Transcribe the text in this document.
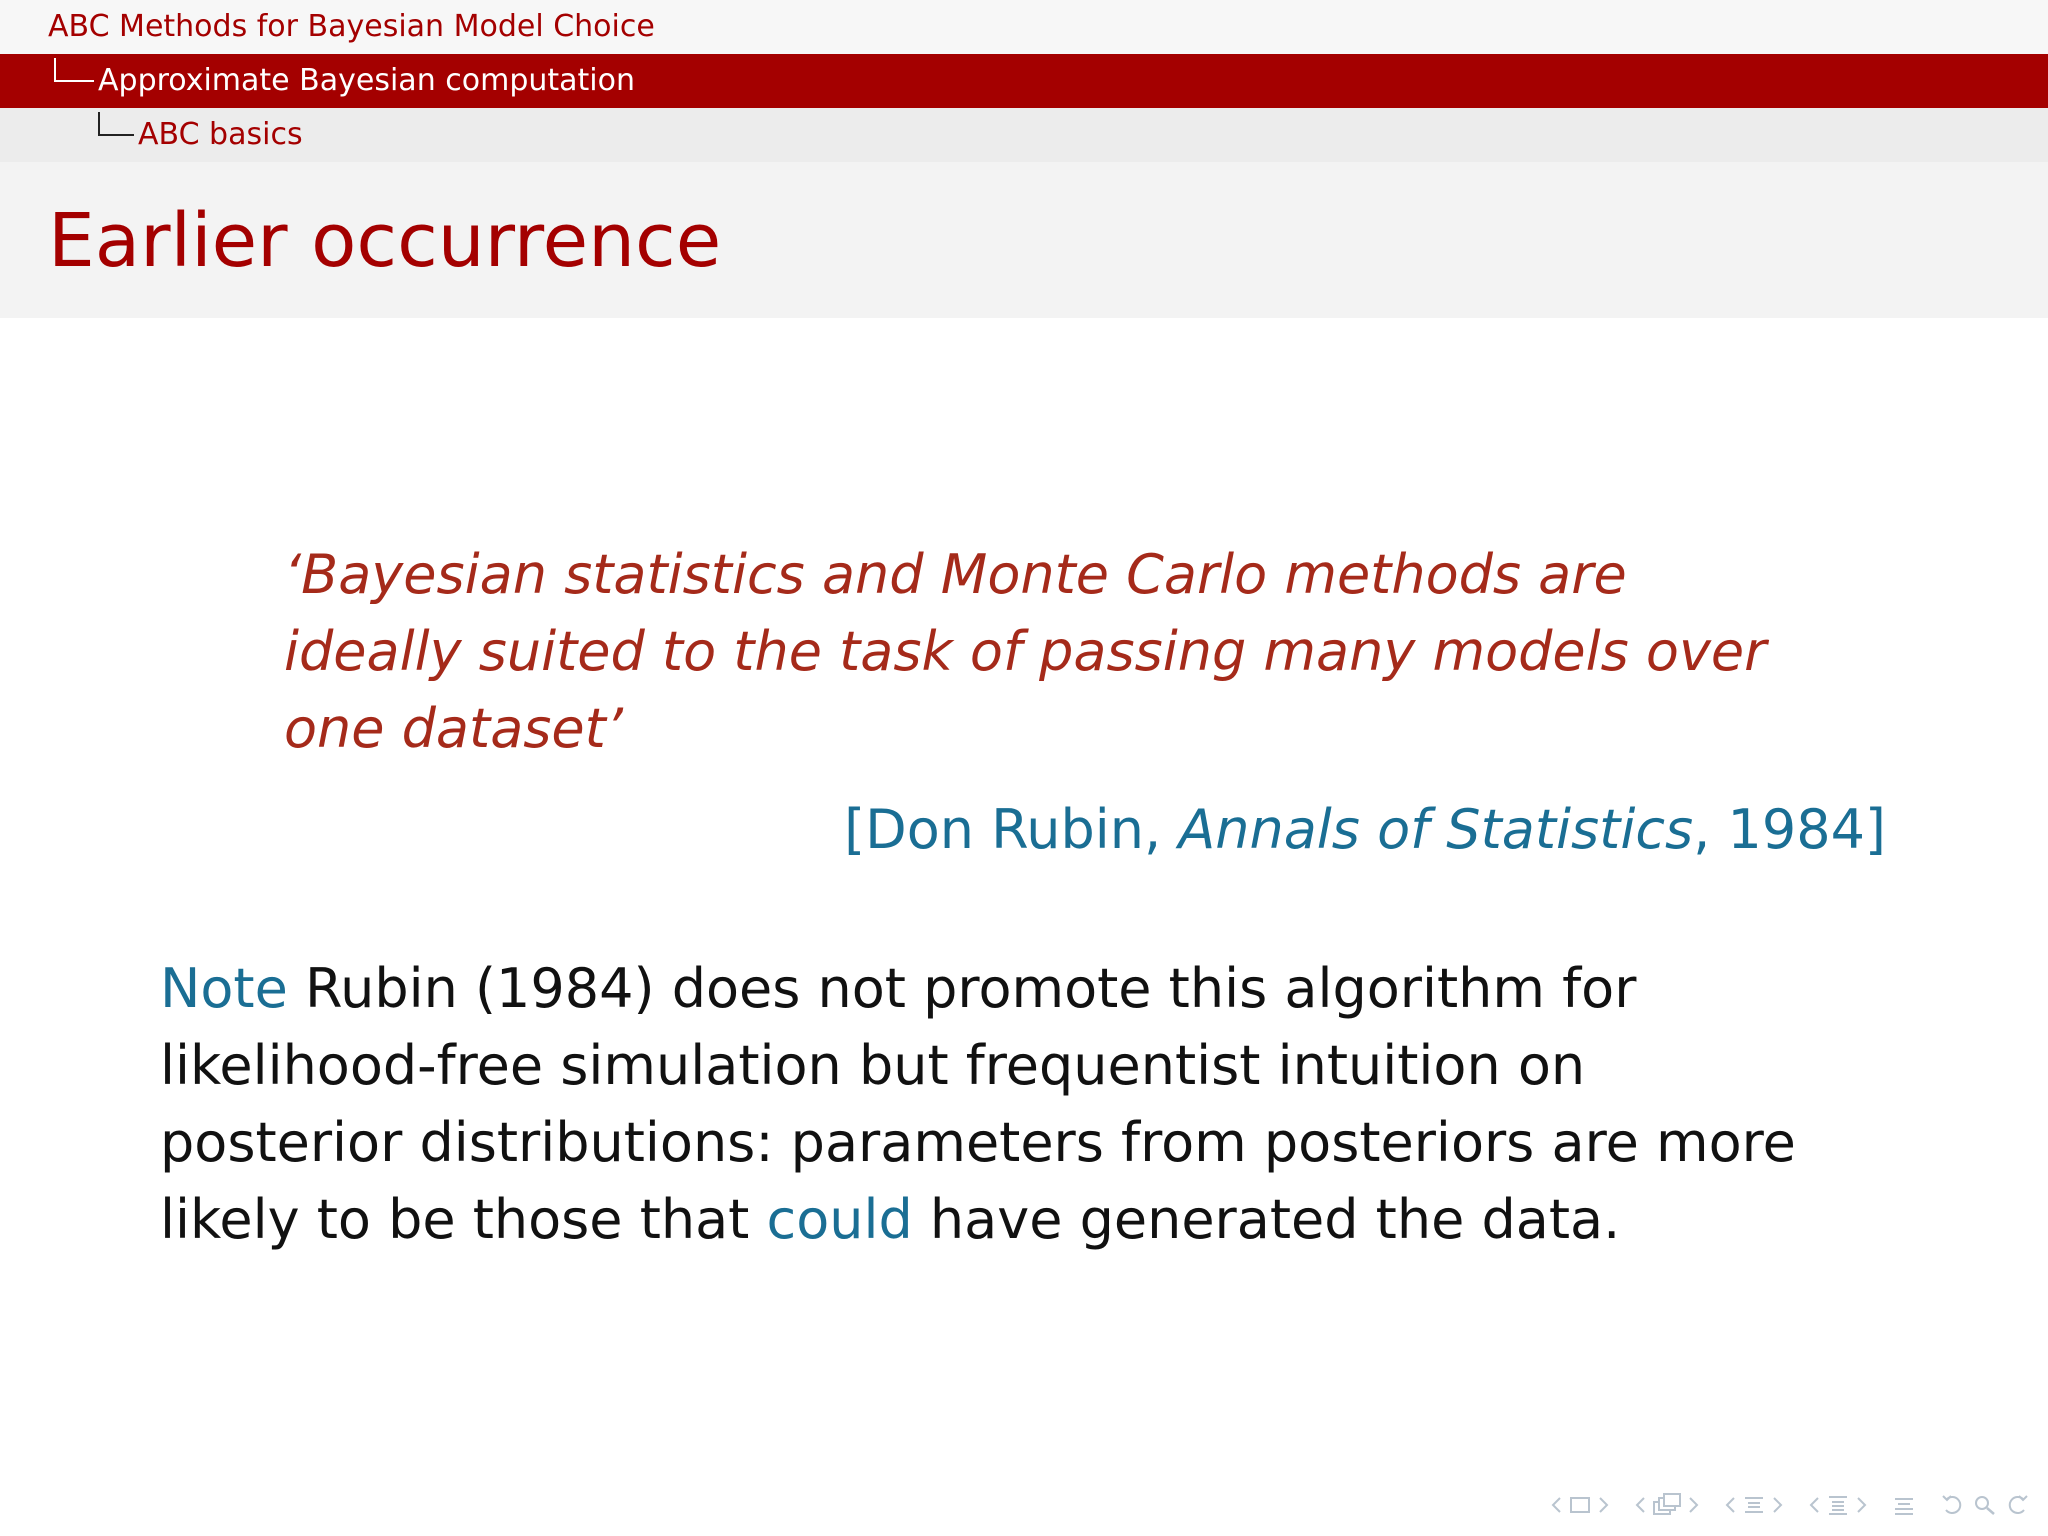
ABC Methods for Bayesian Model Choice
Approximate Bayesian computation
ABC basics
Earlier occurrence
‘Bayesian statistics and Monte Carlo methods are ideally suited to the task of passing many models over one dataset’
[Don Rubin, Annals of Statistics, 1984]
Note Rubin (1984) does not promote this algorithm for likelihood-free simulation but frequentist intuition on posterior distributions: parameters from posteriors are more likely to be those that could have generated the data.
